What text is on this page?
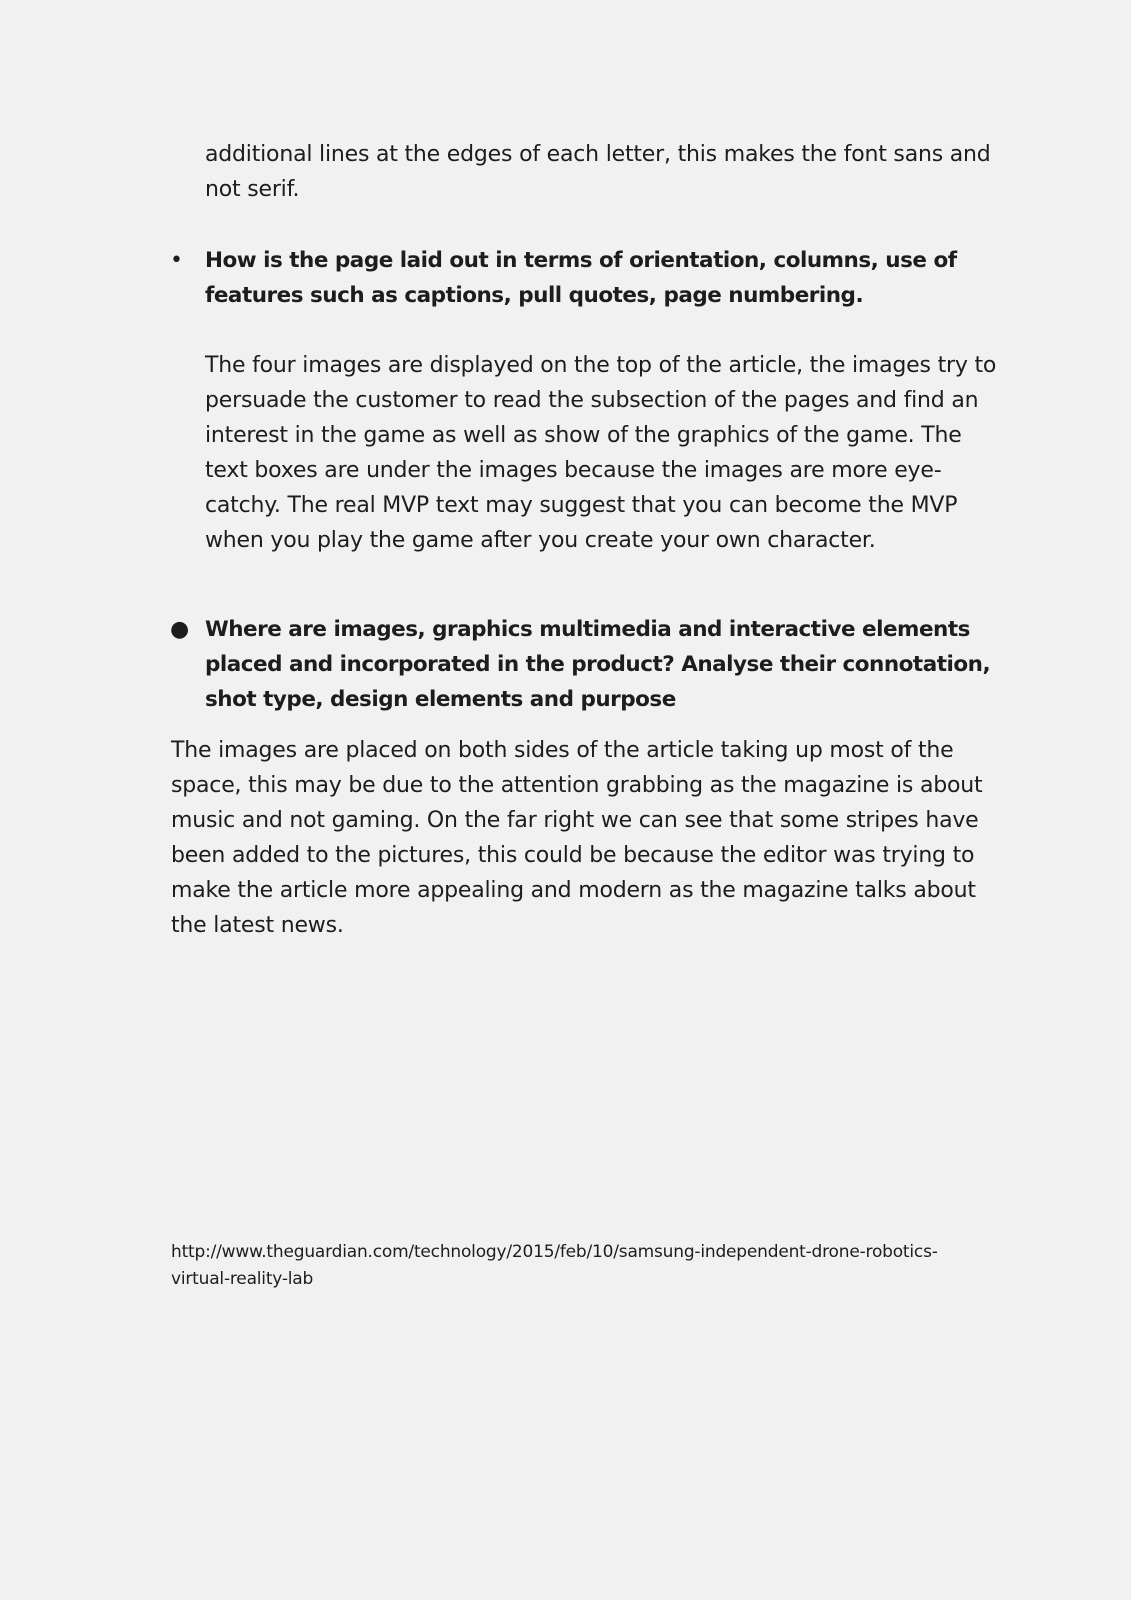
additional lines at the edges of each letter, this makes the font sans and
not serif.
• How is the page laid out in terms of orientation, columns, use of
features such as captions, pull quotes, page numbering.
The four images are displayed on the top of the article, the images try to
persuade the customer to read the subsection of the pages and find an
interest in the game as well as show of the graphics of the game. The
text boxes are under the images because the images are more eye-
catchy. The real MVP text may suggest that you can become the MVP
when you play the game after you create your own character.
● Where are images, graphics multimedia and interactive elements
placed and incorporated in the product? Analyse their connotation,
shot type, design elements and purpose
The images are placed on both sides of the article taking up most of the
space, this may be due to the attention grabbing as the magazine is about
music and not gaming. On the far right we can see that some stripes have
been added to the pictures, this could be because the editor was trying to
make the article more appealing and modern as the magazine talks about
the latest news.
http://www.theguardian.com/technology/2015/feb/10/samsung-independent-drone-robotics-
virtual-reality-lab
